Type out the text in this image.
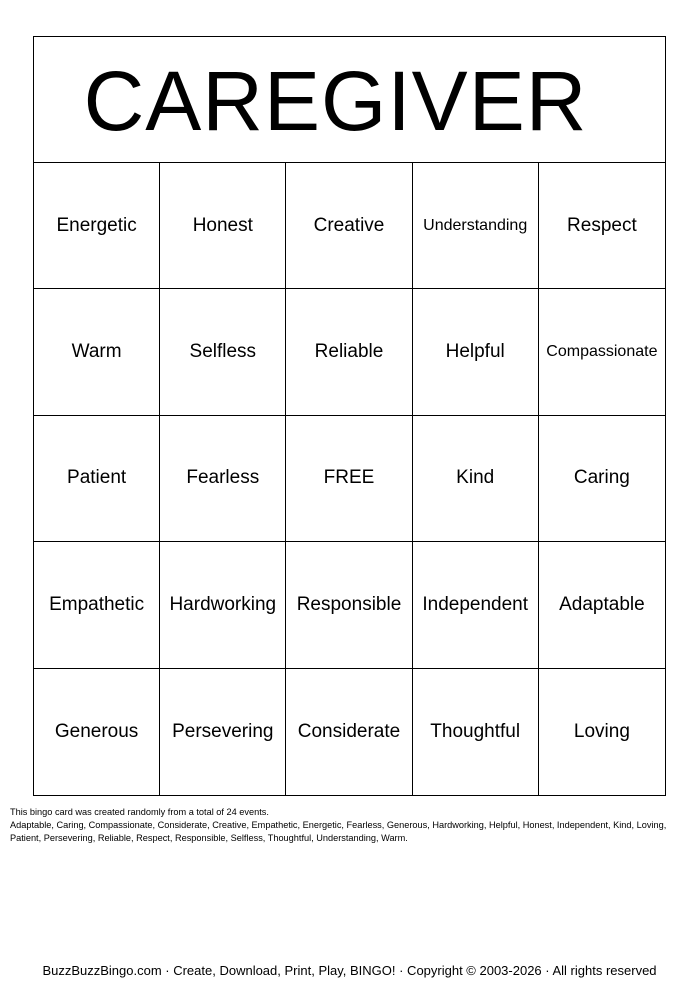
CAREGIVER
Energetic	Honest	Creative	Understanding	Respect
Warm	Selfless	Reliable	Helpful	Compassionate
Patient	Fearless	FREE	Kind	Caring
Empathetic	Hardworking	Responsible	Independent	Adaptable
Generous	Persevering	Considerate	Thoughtful	Loving
This bingo card was created randomly from a total of 24 events.
Adaptable, Caring, Compassionate, Considerate, Creative, Empathetic, Energetic, Fearless, Generous, Hardworking, Helpful, Honest, Independent, Kind, Loving,
Patient, Persevering, Reliable, Respect, Responsible, Selfless, Thoughtful, Understanding, Warm.
BuzzBuzzBingo.com · Create, Download, Print, Play, BINGO! · Copyright © 2003-2026 · All rights reserved
